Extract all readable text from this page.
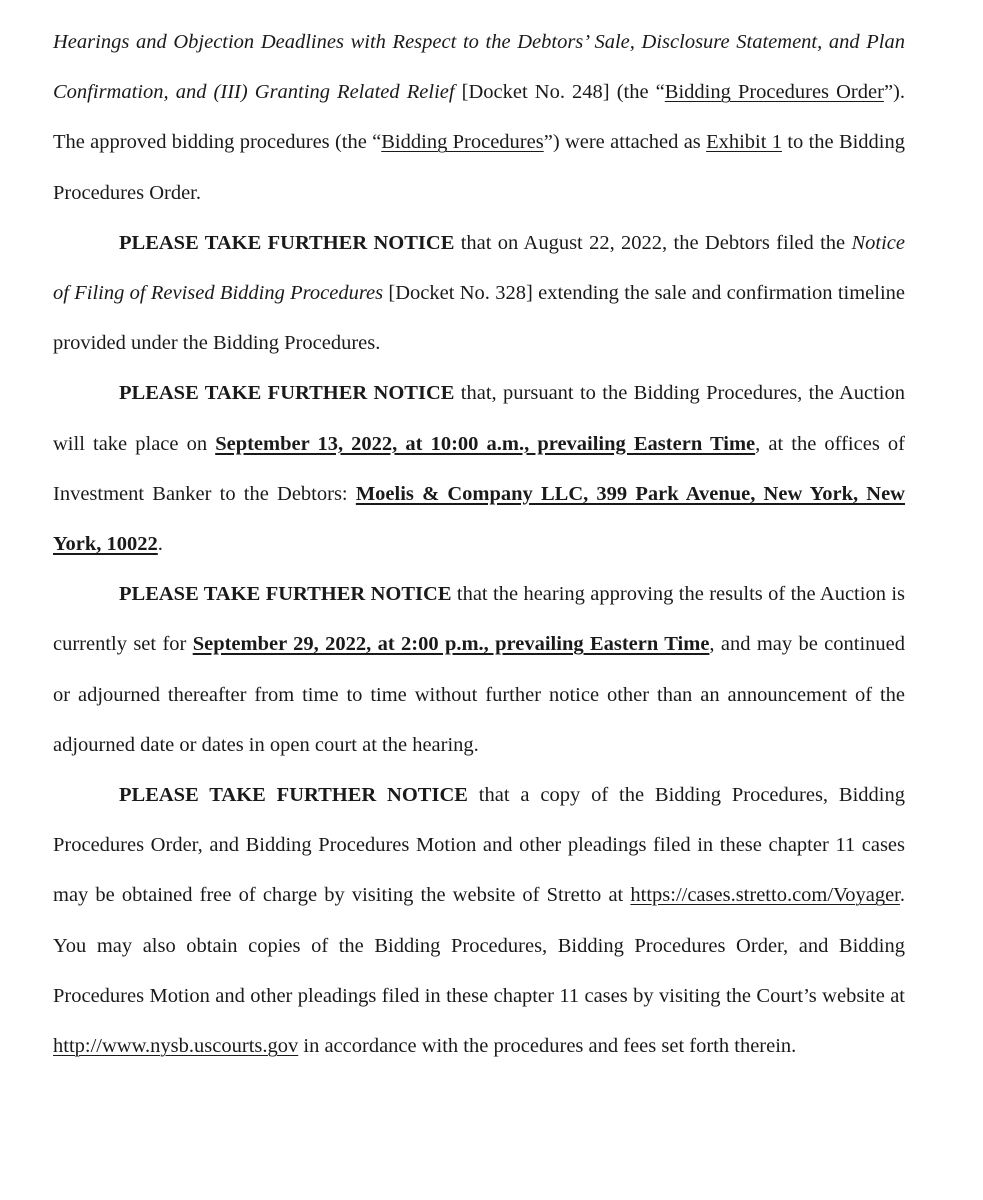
Hearings and Objection Deadlines with Respect to the Debtors’ Sale, Disclosure Statement, and Plan Confirmation, and (III) Granting Related Relief [Docket No. 248] (the “Bidding Procedures Order”). The approved bidding procedures (the “Bidding Procedures”) were attached as Exhibit 1 to the Bidding Procedures Order.

PLEASE TAKE FURTHER NOTICE that on August 22, 2022, the Debtors filed the Notice of Filing of Revised Bidding Procedures [Docket No. 328] extending the sale and confirmation timeline provided under the Bidding Procedures.

PLEASE TAKE FURTHER NOTICE that, pursuant to the Bidding Procedures, the Auction will take place on September 13, 2022, at 10:00 a.m., prevailing Eastern Time, at the offices of Investment Banker to the Debtors: Moelis & Company LLC, 399 Park Avenue, New York, New York, 10022.

PLEASE TAKE FURTHER NOTICE that the hearing approving the results of the Auction is currently set for September 29, 2022, at 2:00 p.m., prevailing Eastern Time, and may be continued or adjourned thereafter from time to time without further notice other than an announcement of the adjourned date or dates in open court at the hearing.

PLEASE TAKE FURTHER NOTICE that a copy of the Bidding Procedures, Bidding Procedures Order, and Bidding Procedures Motion and other pleadings filed in these chapter 11 cases may be obtained free of charge by visiting the website of Stretto at https://cases.stretto.com/Voyager. You may also obtain copies of the Bidding Procedures, Bidding Procedures Order, and Bidding Procedures Motion and other pleadings filed in these chapter 11 cases by visiting the Court’s website at http://www.nysb.uscourts.gov in accordance with the procedures and fees set forth therein.
